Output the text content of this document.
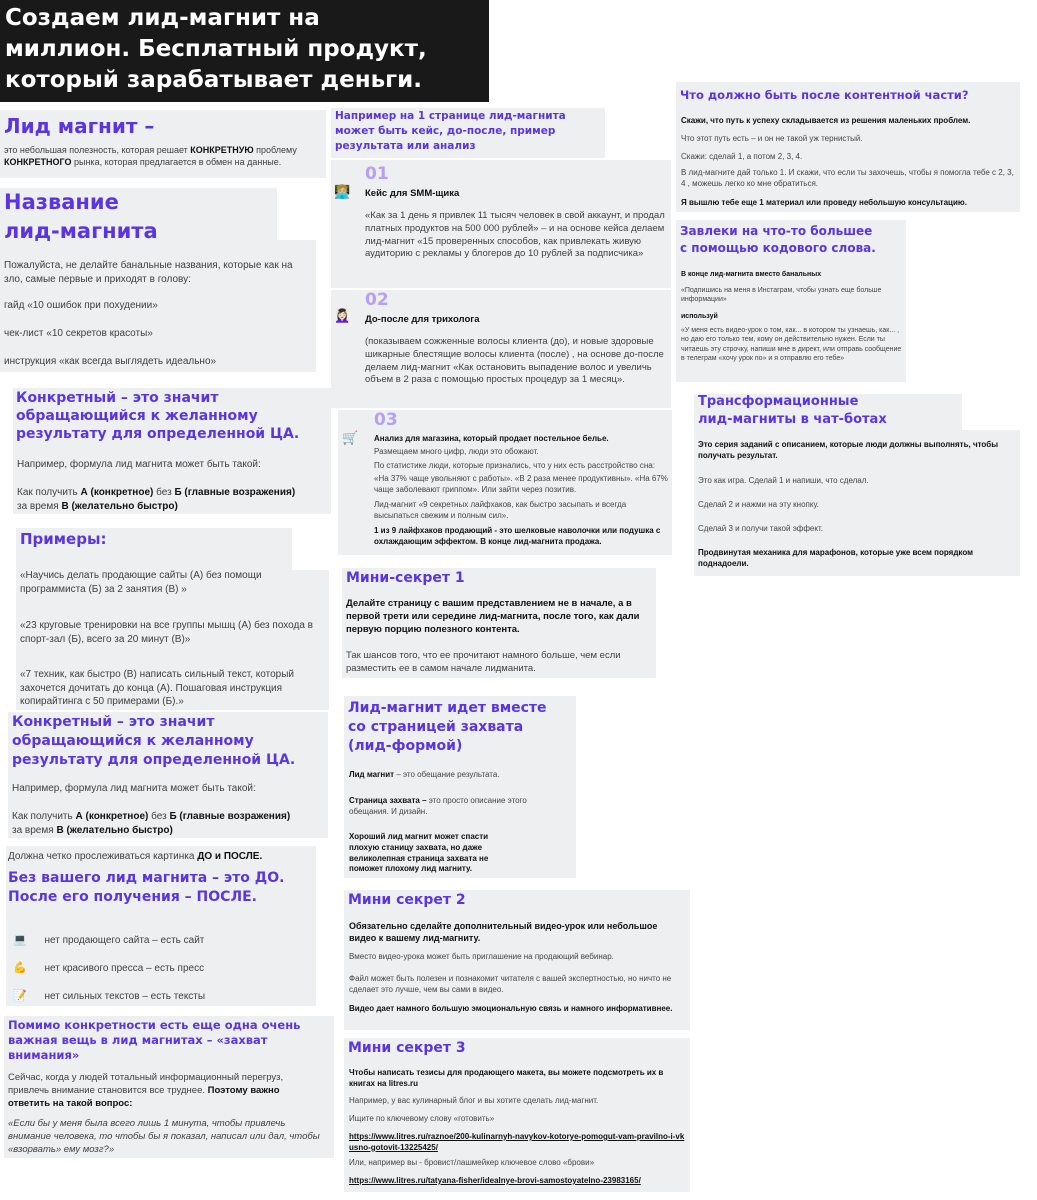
Создаем лид-магнит на
миллион. Бесплатный продукт,
который зарабатывает деньги.
Лид магнит –

это небольшая полезность, которая решает КОНКРЕТНУЮ проблему КОНКРЕТНОГО рынка, которая предлагается в обмен на данные.

Название
лид-магнита

Пожалуйста, не делайте банальные названия, которые как на зло, самые первые и приходят в голову:

гайд «10 ошибок при похудении»

чек-лист «10 секретов красоты»

инструкция «как всегда выглядеть идеально»

Конкретный – это значит
обращающийся к желанному
результату для определенной ЦА.

Например, формула лид магнита может быть такой:

Как получить А (конкретное) без Б (главные возражения)
за время В (желательно быстро)

Примеры:

«Научись делать продающие сайты (А) без помощи программиста (Б) за 2 занятия (В) »

«23 круговые тренировки на все группы мышц (А) без похода в спорт-зал (Б), всего за 20 минут (В)»

«7 техник, как быстро (В) написать сильный текст, который захочется дочитать до конца (А). Пошаговая инструкция копирайтинга с 50 примерами (Б).»

Конкретный – это значит
обращающийся к желанному
результату для определенной ЦА.

Например, формула лид магнита может быть такой:

Как получить А (конкретное) без Б (главные возражения)
за время В (желательно быстро)

Должна четко прослеживаться картинка ДО и ПОСЛЕ.

Без вашего лид магнита – это ДО.
После его получения – ПОСЛЕ.
💻 нет продающего сайта – есть сайт
💪 нет красивого пресса – есть пресс
📝 нет сильных текстов – есть тексты
Помимо конкретности есть еще одна очень
важная вещь в лид магнитах – «захват
внимания»

Сейчас, когда у людей тотальный информационный перегруз, привлечь внимание становится все труднее. Поэтому важно ответить на такой вопрос:

«Если бы у меня была всего лишь 1 минута, чтобы привлечь внимание человека, то чтобы бы я показал, написал или дал, чтобы «взорвать» ему мозг?»

Например на 1 странице лид-магнита
может быть кейс, до-после, пример
результата или анализ
01
👩🏼‍💻 Кейс для SMM-щика

«Как за 1 день я привлек 11 тысяч человек в свой аккаунт, и продал платных продуктов на 500 000 рублей» – и на основе кейса делаем лид-магнит «15 проверенных способов, как привлекать живую аудиторию с рекламы у блогеров до 10 рублей за подписчика»

02
💆🏻‍♀️ До-после для трихолога

(показываем сожженные волосы клиента (до), и новые здоровые шикарные блестящие волосы клиента (после) , на основе до-после делаем лид-магнит «Как остановить выпадение волос и увеличь объем в 2 раза с помощью простых процедур за 1 месяц».

03
🛒 Анализ для магазина, который продает постельное белье.

Размещаем много цифр, люди это обожают.

По статистике люди, которые признались, что у них есть расстройство сна:

«На 37% чаще увольняют с работы». «В 2 раза менее продуктивны». «На 67% чаще заболевают гриппом». Или зайти через позитив.

Лид-магнит «9 секретных лайфхаков, как быстро засыпать и всегда высыпаться свежим и полным сил».

1 из 9 лайфхаков продающий - это шелковые наволочки или подушка с охлаждающим эффектом. В конце лид-магнита продажа.

Мини-секрет 1

Делайте страницу с вашим представлением не в начале, а в первой трети или середине лид-магнита, после того, как дали первую порцию полезного контента.

Так шансов того, что ее прочитают намного больше, чем если разместить ее в самом начале лидманита.

Лид-магнит идет вместе
со страницей захвата
(лид-формой)

Лид магнит – это обещание результата.

Страница захвата – это просто описание этого обещания. И дизайн.

Хороший лид магнит может спасти плохую станицу захвата, но даже великолепная страница захвата не поможет плохому лид магниту.

Мини секрет 2

Обязательно сделайте дополнительный видео-урок или небольшое видео к вашему лид-магниту.

Вместо видео-урока может быть приглашение на продающий вебинар.

Файл может быть полезен и познакомит читателя с вашей экспертностью, но ничто не сделает это лучше, чем вы сами в видео.

Видео дает намного большую эмоциональную связь и намного информативнее.

Мини секрет 3

Чтобы написать тезисы для продающего макета, вы можете подсмотреть их в книгах на litres.ru

Например, у вас кулинарный блог и вы хотите сделать лид-магнит.

Ищите по ключевому слову «готовить»

https://www.litres.ru/raznoe/200-kulinarnyh-navykov-kotorye-pomogut-vam-pravilno-i-vkusno-gotovit-13225425/

Или, например вы - бровист/лашмейкер ключевое слово «брови»

https://www.litres.ru/tatyana-fisher/idealnye-brovi-samostoyatelno-23983165/
Что должно быть после контентной части?

Скажи, что путь к успеху складывается из решения маленьких проблем.

Что этот путь есть – и он не такой уж тернистый.

Скажи: сделай 1, а потом 2, 3, 4.

В лид-магните дай только 1. И скажи, что если ты захочешь, чтобы я помогла тебе с 2, 3, 4 , можешь легко ко мне обратиться.

Я вышлю тебе еще 1 материал или проведу небольшую консультацию.

Завлеки на что-то большее
с помощью кодового слова.

В конце лид-магнита вместо банальных

«Подпишись на меня в Инстаграм, чтобы узнать еще больше информации»

используй

«У меня есть видео-урок о том, как... в котором ты узнаешь, как... , но даю его только тем, кому он действительно нужен. Если ты читаешь эту строчку, напиши мне в директ, или отправь сообщение в телеграм «хочу урок по» и я отправлю его тебе»

Трансформационные
лид-магниты в чат-ботах

Это серия заданий с описанием, которые люди должны выполнять, чтобы получать результат.

Это как игра. Сделай 1 и напиши, что сделал.

Сделай 2 и нажми на эту кнопку.

Сделай 3 и получи такой эффект.

Продвинутая механика для марафонов, которые уже всем порядком поднадоели.
